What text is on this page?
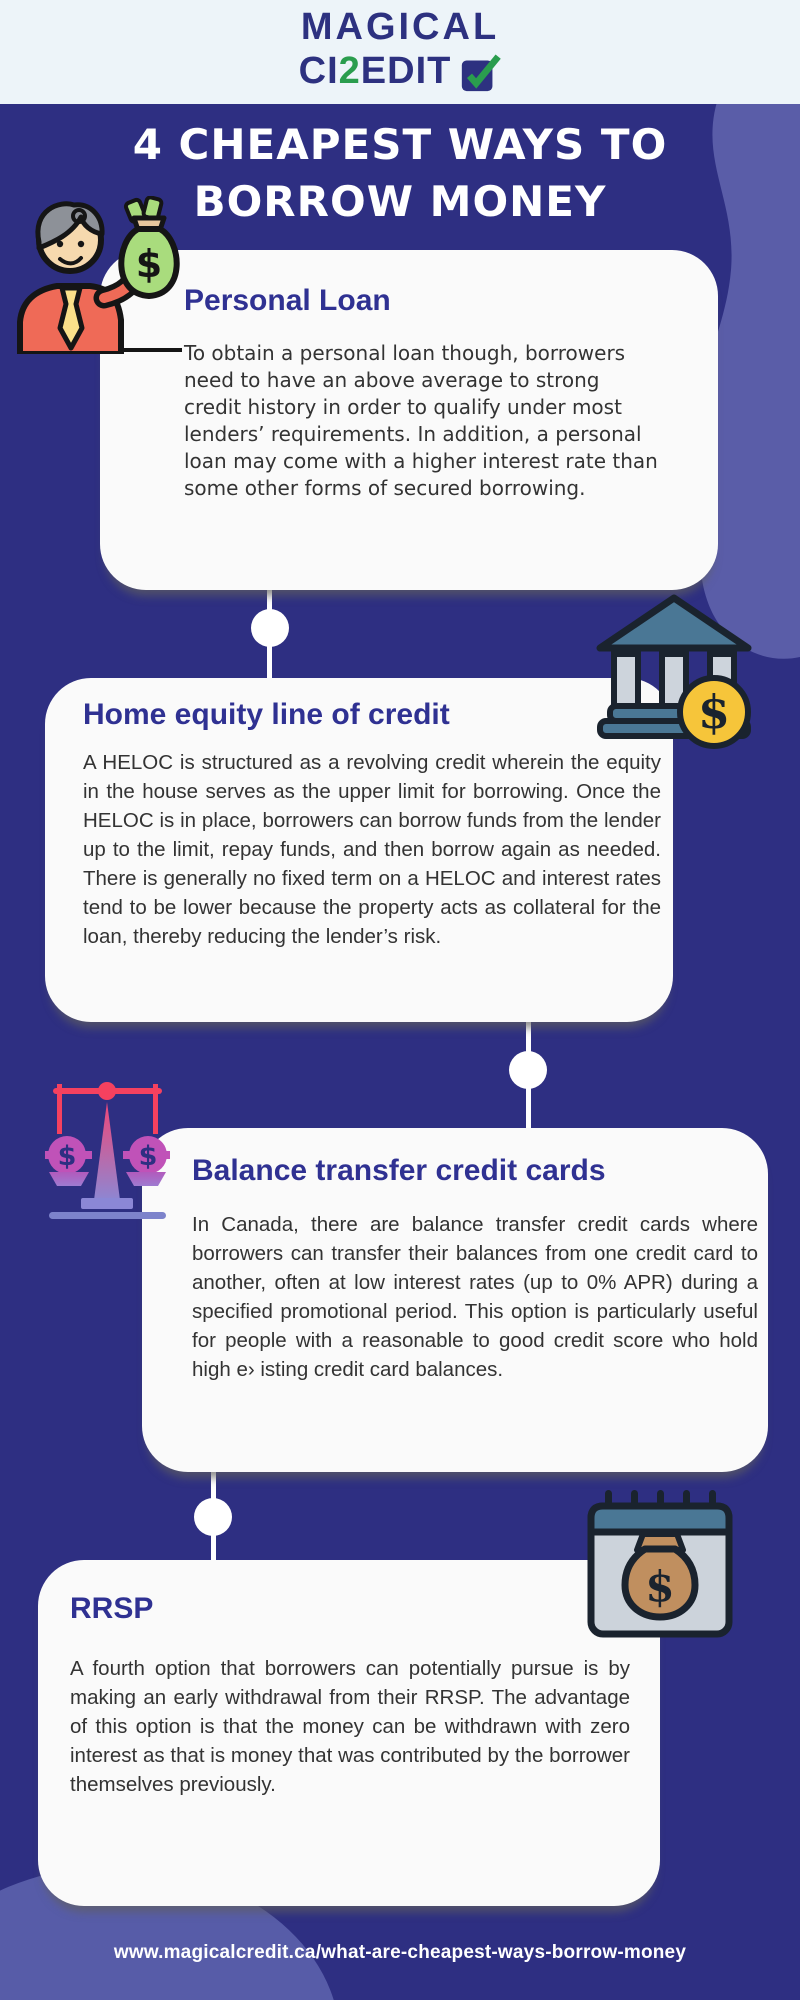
MAGICAL
CI 2 EDIT
4 CHEAPEST WAYS TO
BORROW MONEY
Personal Loan
To obtain a personal loan though, borrowers need to have an above average to strong credit history in order to qualify under most lenders’ requirements. In addition, a personal loan may come with a higher interest rate than some other forms of secured borrowing.
$
Home equity line of credit
A HELOC is structured as a revolving credit wherein the equity in the house serves as the upper limit for borrowing. Once the HELOC is in place, borrowers can borrow funds from the lender up to the limit, repay funds, and then borrow again as needed. There is generally no fixed term on a HELOC and interest rates tend to be lower because the property acts as collateral for the loan, thereby reducing the lender’s risk.
$
$ $ Balance transfer credit cards
In Canada, there are balance transfer credit cards where borrowers can transfer their balances from one credit card to another, often at low interest rates (up to 0% APR) during a specified promotional period. This option is particularly useful for people with a reasonable to good credit score who hold high e› isting credit card balances.
$
RRSP
A fourth option that borrowers can potentially pursue is by making an early withdrawal from their RRSP. The advantage of this option is that the money can be withdrawn with zero interest as that is money that was contributed by the borrower themselves previously.
www.magicalcredit.ca/what-are-cheapest-ways-borrow-money
